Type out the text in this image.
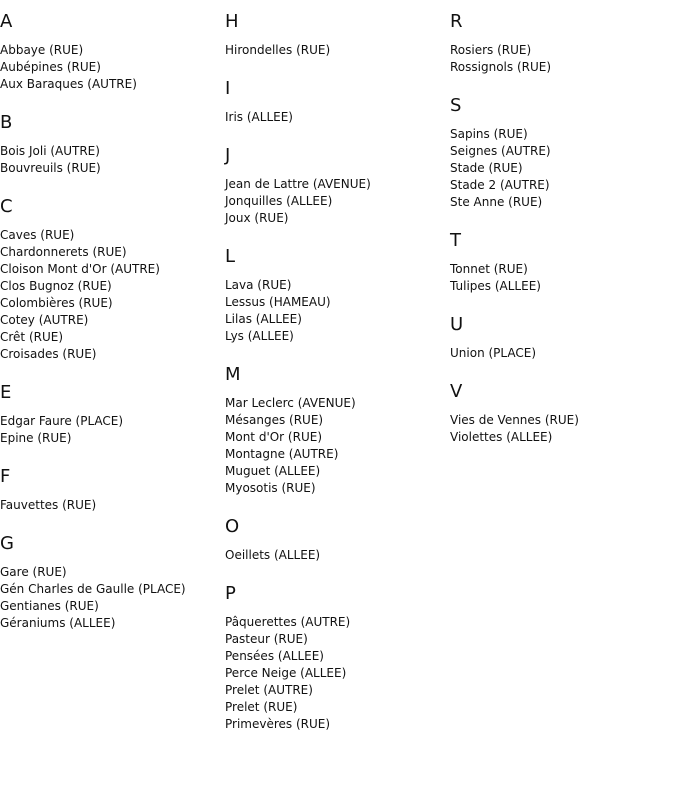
A
Abbaye (RUE)
Aubépines (RUE)
Aux Baraques (AUTRE)
B
Bois Joli (AUTRE)
Bouvreuils (RUE)
C
Caves (RUE)
Chardonnerets (RUE)
Cloison Mont d'Or (AUTRE)
Clos Bugnoz (RUE)
Colombières (RUE)
Cotey (AUTRE)
Crêt (RUE)
Croisades (RUE)
E
Edgar Faure (PLACE)
Epine (RUE)
F
Fauvettes (RUE)
G
Gare (RUE)
Gén Charles de Gaulle (PLACE)
Gentianes (RUE)
Géraniums (ALLEE)
H
Hirondelles (RUE)
I
Iris (ALLEE)
J
Jean de Lattre (AVENUE)
Jonquilles (ALLEE)
Joux (RUE)
L
Lava (RUE)
Lessus (HAMEAU)
Lilas (ALLEE)
Lys (ALLEE)
M
Mar Leclerc (AVENUE)
Mésanges (RUE)
Mont d'Or (RUE)
Montagne (AUTRE)
Muguet (ALLEE)
Myosotis (RUE)
O
Oeillets (ALLEE)
P
Pâquerettes (AUTRE)
Pasteur (RUE)
Pensées (ALLEE)
Perce Neige (ALLEE)
Prelet (AUTRE)
Prelet (RUE)
Primevères (RUE)
R
Rosiers (RUE)
Rossignols (RUE)
S
Sapins (RUE)
Seignes (AUTRE)
Stade (RUE)
Stade 2 (AUTRE)
Ste Anne (RUE)
T
Tonnet (RUE)
Tulipes (ALLEE)
U
Union (PLACE)
V
Vies de Vennes (RUE)
Violettes (ALLEE)
